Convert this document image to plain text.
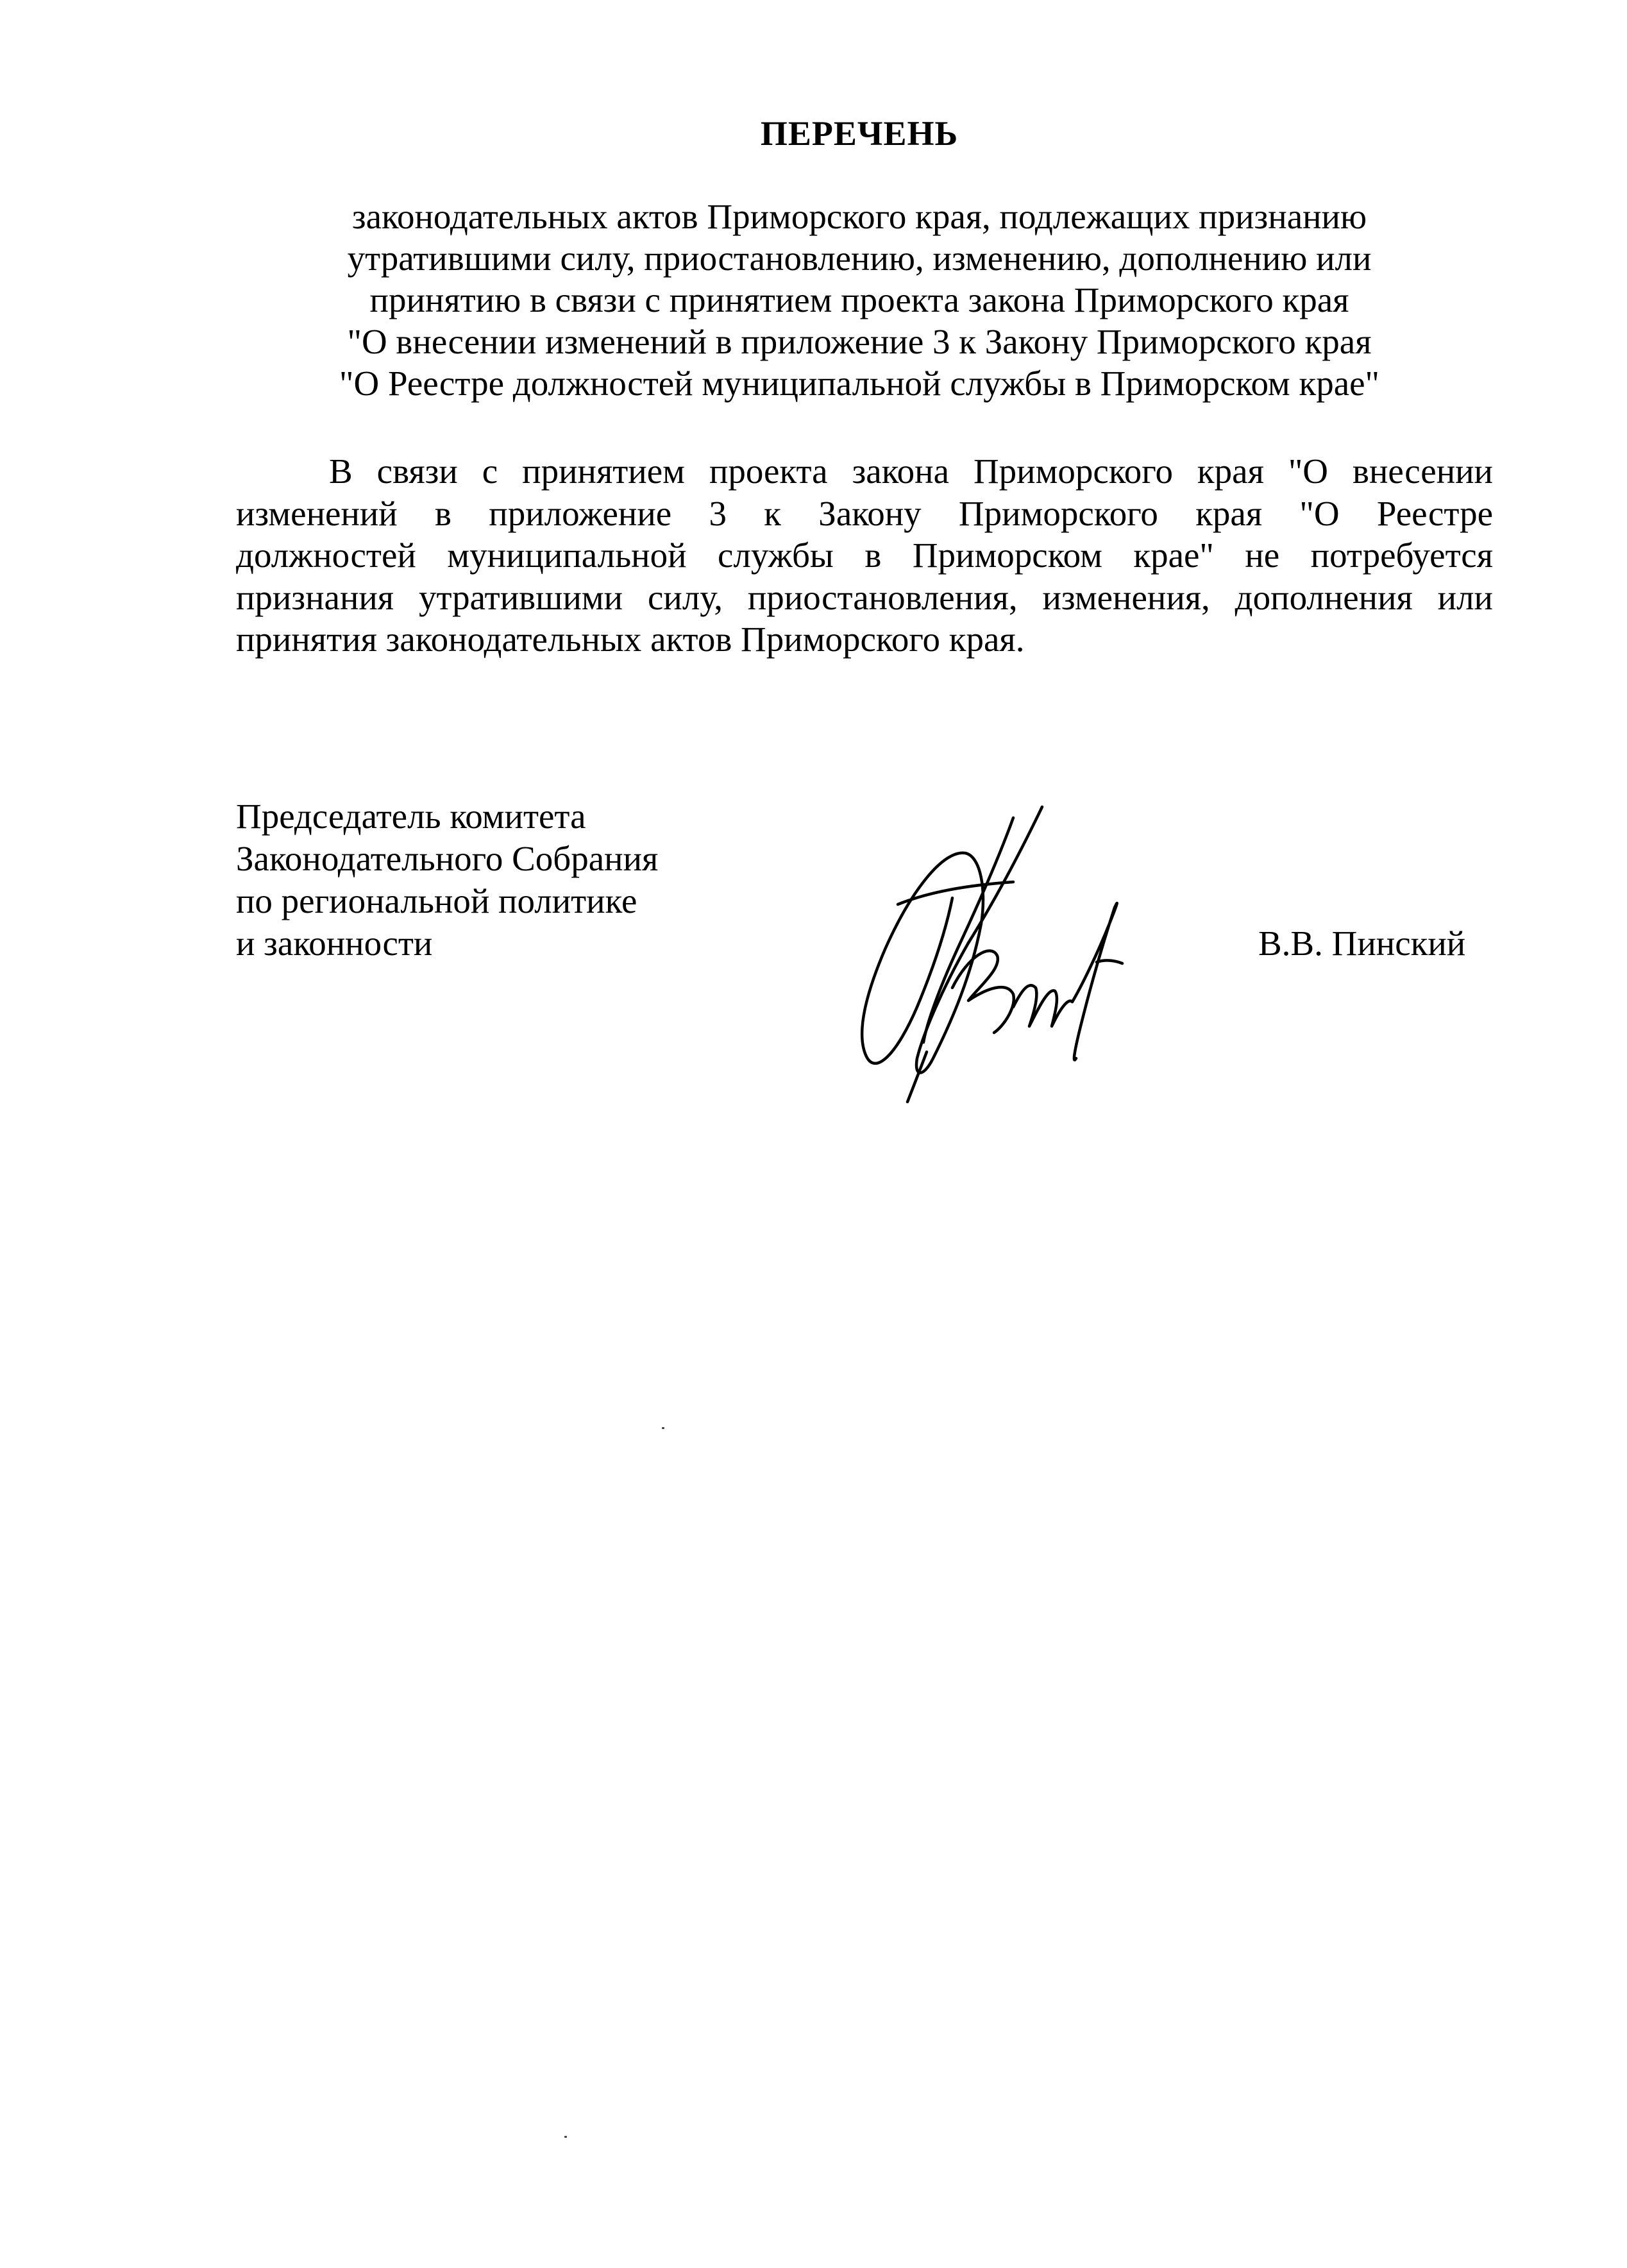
ПЕРЕЧЕНЬ
законодательных актов Приморского края, подлежащих признанию
утратившими силу, приостановлению, изменению, дополнению или
принятию в связи с принятием проекта закона Приморского края
"О внесении изменений в приложение 3 к Закону Приморского края
"О Реестре должностей муниципальной службы в Приморском крае"
В связи с принятием проекта закона Приморского края "О внесении
изменений в приложение 3 к Закону Приморского края "О Реестре
должностей муниципальной службы в Приморском крае" не потребуется
признания утратившими силу, приостановления, изменения, дополнения или
принятия законодательных актов Приморского края.
Председатель комитета
Законодательного Собрания
по региональной политике
и законности	В.В. Пинский
